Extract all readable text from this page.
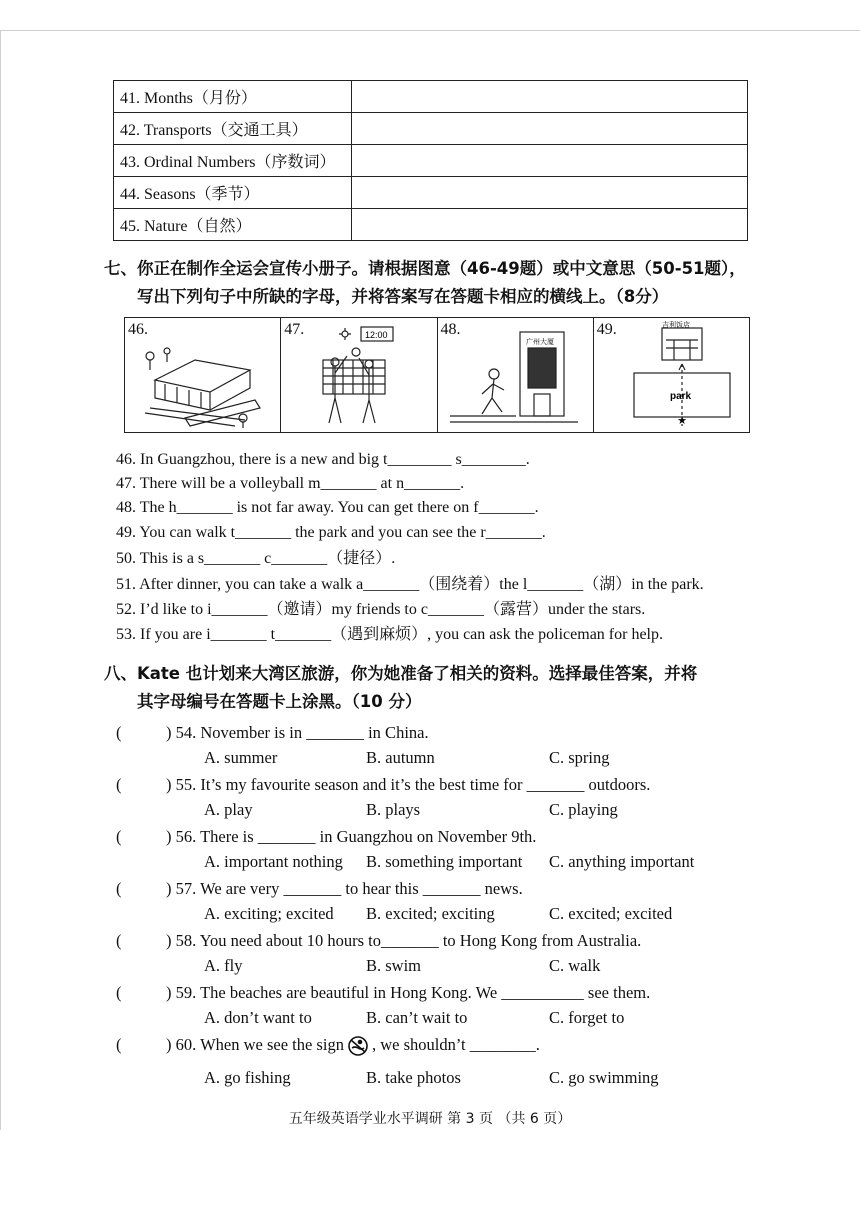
41. Months（月份）	
42. Transports（交通工具）	
43. Ordinal Numbers（序数词）	
44. Seasons（季节）	
45. Nature（自然）	
七、你正在制作全运会宣传小册子。请根据图意（46-49题）或中文意思（50-51题），
写出下列句子中所缺的字母，并将答案写在答题卡相应的横线上。（8分）
46.	47.	12:00	48.
广州大厦
49.
★
吉利饭店
park
46. In Guangzhou, there is a new and big t________ s________.
47. There will be a volleyball m_______ at n_______.
48. The h_______ is not far away. You can get there on f_______.
49. You can walk t_______ the park and you can see the r_______.
50. This is a s_______ c_______（捷径）.
51. After dinner, you can take a walk a_______（围绕着）the l_______（湖）in the park.
52. I’d like to i_______（邀请）my friends to c_______（露营）under the stars.
53. If you are i_______ t_______（遇到麻烦）, you can ask the policeman for help.
八、Kate 也计划来大湾区旅游，你为她准备了相关的资料。选择最佳答案，并将
其字母编号在答题卡上涂黑。（10 分）
(	) 54. November is in _______ in China.
A. summer	B. autumn	C. spring
(	) 55. It’s my favourite season and it’s the best time for _______ outdoors.
A. play	B. plays	C. playing
(	) 56. There is _______ in Guangzhou on November 9th.
A. important nothing B. something important C. anything important
(	) 57. We are very _______ to hear this _______ news.
A. exciting; excited B. excited; exciting	C. excited; excited
(	) 58. You need about 10 hours to_______ to Hong Kong from Australia.
A. fly	B. swim	C. walk
(	) 59. The beaches are beautiful in Hong Kong. We __________ see them.
A. don’t want to	B. can’t wait to	C. forget to
(	) 60. When we see the sign , we shouldn’t ________.
A. go fishing	B. take photos	C. go swimming
五年级英语学业水平调研 第 3 页 （共 6 页）
